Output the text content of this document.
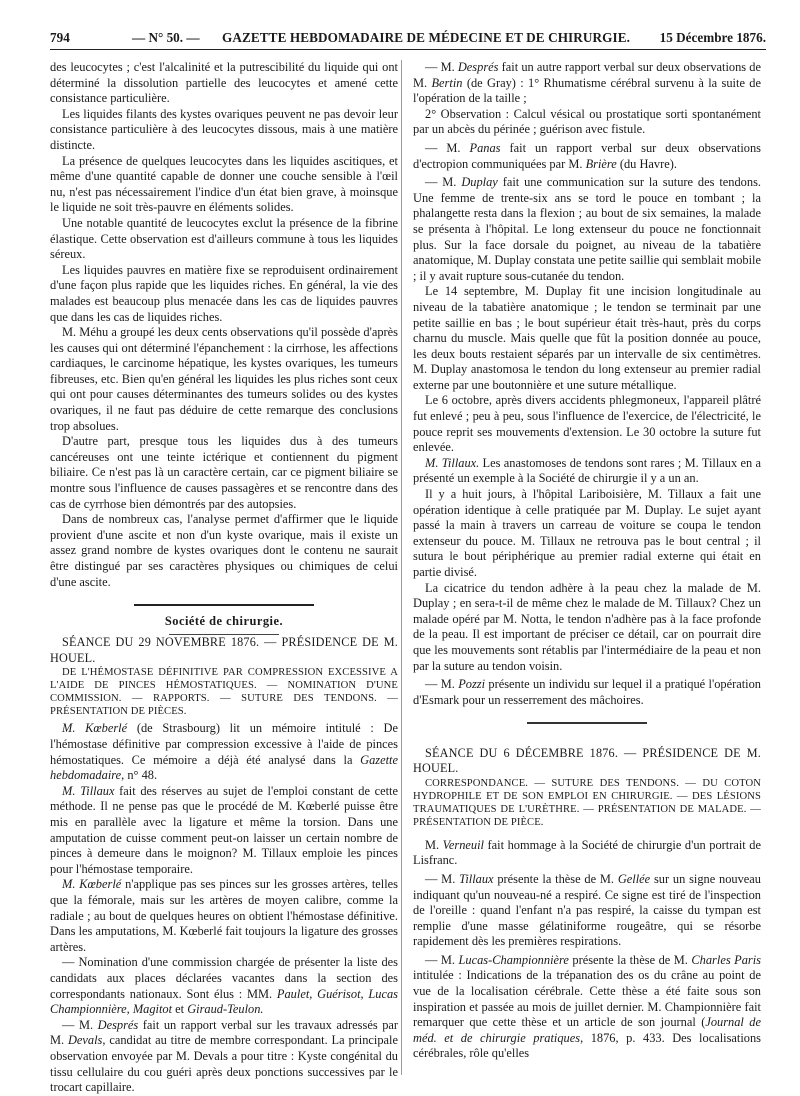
794	— N° 50. — GAZETTE HEBDOMADAIRE DE MÉDECINE ET DE CHIRURGIE. 15 Décembre 1876.

des leucocytes ; c'est l'alcalinité et la putrescibilité du liquide qui ont déterminé la dissolution partielle des leucocytes et amené cette consistance particulière.

Les liquides filants des kystes ovariques peuvent ne pas devoir leur consistance particulière à des leucocytes dissous, mais à une matière distincte.

La présence de quelques leucocytes dans les liquides ascitiques, et même d'une quantité capable de donner une couche sensible à l'œil nu, n'est pas nécessairement l'indice d'un état bien grave, à moinsque le liquide ne soit très-pauvre en éléments solides.

Une notable quantité de leucocytes exclut la présence de la fibrine élastique. Cette observation est d'ailleurs commune à tous les liquides séreux.

Les liquides pauvres en matière fixe se reproduisent ordinairement d'une façon plus rapide que les liquides riches. En général, la vie des malades est beaucoup plus menacée dans les cas de liquides pauvres que dans les cas de liquides riches.

M. Méhu a groupé les deux cents observations qu'il possède d'après les causes qui ont déterminé l'épanchement : la cirrhose, les affections cardiaques, le carcinome hépatique, les kystes ovariques, les tumeurs fibreuses, etc. Bien qu'en général les liquides les plus riches sont ceux qui ont pour causes déterminantes des tumeurs solides ou des kystes ovariques, il ne faut pas déduire de cette remarque des conclusions trop absolues.

D'autre part, presque tous les liquides dus à des tumeurs cancéreuses ont une teinte ictérique et contiennent du pigment biliaire. Ce n'est pas là un caractère certain, car ce pigment biliaire se montre sous l'influence de causes passagères et se rencontre dans des cas de cyrrhose bien démontrés par des autopsies.

Dans de nombreux cas, l'analyse permet d'affirmer que le liquide provient d'une ascite et non d'un kyste ovarique, mais il existe un assez grand nombre de kystes ovariques dont le contenu ne saurait être distingué par ses caractères physiques ou chimiques de celui d'une ascite.

Société de chirurgie.

SÉANCE DU 29 NOVEMBRE 1876. — PRÉSIDENCE DE M. HOUEL.

DE L'HÉMOSTASE DÉFINITIVE PAR COMPRESSION EXCESSIVE A L'AIDE DE PINCES HÉMOSTATIQUES. — NOMINATION D'UNE COMMISSION. — RAPPORTS. — SUTURE DES TENDONS. — PRÉSENTATION DE PIÈCES.

M. Kœberlé (de Strasbourg) lit un mémoire intitulé : De l'hémostase définitive par compression excessive à l'aide de pinces hémostatiques. Ce mémoire a déjà été analysé dans la Gazette hebdomadaire, n° 48.

M. Tillaux fait des réserves au sujet de l'emploi constant de cette méthode. Il ne pense pas que le procédé de M. Kœberlé puisse être mis en parallèle avec la ligature et même la torsion. Dans une amputation de cuisse comment peut-on laisser un certain nombre de pinces à demeure dans le moignon? M. Tillaux emploie les pinces pour l'hémostase temporaire.

M. Kœberlé n'applique pas ses pinces sur les grosses artères, telles que la fémorale, mais sur les artères de moyen calibre, comme la radiale ; au bout de quelques heures on obtient l'hémostase définitive. Dans les amputations, M. Kœberlé fait toujours la ligature des grosses artères.

— Nomination d'une commission chargée de présenter la liste des candidats aux places déclarées vacantes dans la section des correspondants nationaux. Sont élus : MM. Paulet, Guérisot, Lucas Championnière, Magitot et Giraud-Teulon.

— M. Després fait un rapport verbal sur les travaux adressés par M. Devals, candidat au titre de membre correspondant. La principale observation envoyée par M. Devals a pour titre : Kyste congénital du tissu cellulaire du cou guéri après deux ponctions successives par le trocart capillaire.

— M. Després fait un autre rapport verbal sur deux observations de M. Bertin (de Gray) : 1° Rhumatisme cérébral survenu à la suite de l'opération de la taille ;

2° Observation : Calcul vésical ou prostatique sorti spontanément par un abcès du périnée ; guérison avec fistule.

— M. Panas fait un rapport verbal sur deux observations d'ectropion communiquées par M. Brière (du Havre).

— M. Duplay fait une communication sur la suture des tendons. Une femme de trente-six ans se tord le pouce en tombant ; la phalangette resta dans la flexion ; au bout de six semaines, la malade se présenta à l'hôpital. Le long extenseur du pouce ne fonctionnait plus. Sur la face dorsale du poignet, au niveau de la tabatière anatomique, M. Duplay constata une petite saillie qui semblait mobile ; il y avait rupture sous-cutanée du tendon.

Le 14 septembre, M. Duplay fit une incision longitudinale au niveau de la tabatière anatomique ; le tendon se terminait par une petite saillie en bas ; le bout supérieur était très-haut, près du corps charnu du muscle. Mais quelle que fût la position donnée au pouce, les deux bouts restaient séparés par un intervalle de six centimètres. M. Duplay anastomosa le tendon du long extenseur au premier radial externe par une boutonnière et une suture métallique.

Le 6 octobre, après divers accidents phlegmoneux, l'appareil plâtré fut enlevé ; peu à peu, sous l'influence de l'exercice, de l'électricité, le pouce reprit ses mouvements d'extension. Le 30 octobre la suture fut enlevée.

M. Tillaux. Les anastomoses de tendons sont rares ; M. Tillaux en a présenté un exemple à la Société de chirurgie il y a un an.

Il y a huit jours, à l'hôpital Lariboisière, M. Tillaux a fait une opération identique à celle pratiquée par M. Duplay. Le sujet ayant passé la main à travers un carreau de voiture se coupa le tendon extenseur du pouce. M. Tillaux ne retrouva pas le bout central ; il sutura le bout périphérique au premier radial externe qui était en partie divisé.

La cicatrice du tendon adhère à la peau chez la malade de M. Duplay ; en sera-t-il de même chez le malade de M. Tillaux? Chez un malade opéré par M. Notta, le tendon n'adhère pas à la face profonde de la peau. Il est important de préciser ce détail, car on pourrait dire que les mouvements sont rétablis par l'intermédiaire de la peau et non par la suture au tendon voisin.

— M. Pozzi présente un individu sur lequel il a pratiqué l'opération d'Esmark pour un resserrement des mâchoires.

SÉANCE DU 6 DÉCEMBRE 1876. — PRÉSIDENCE DE M. HOUEL.

CORRESPONDANCE. — SUTURE DES TENDONS. — DU COTON HYDROPHILE ET DE SON EMPLOI EN CHIRURGIE. — DES LÉSIONS TRAUMATIQUES DE L'URÈTHRE. — PRÉSENTATION DE MALADE. — PRÉSENTATION DE PIÈCE.

M. Verneuil fait hommage à la Société de chirurgie d'un portrait de Lisfranc.

— M. Tillaux présente la thèse de M. Gellée sur un signe nouveau indiquant qu'un nouveau-né a respiré. Ce signe est tiré de l'inspection de l'oreille : quand l'enfant n'a pas respiré, la caisse du tympan est remplie d'une masse gélatiniforme rougeâtre, qui se résorbe rapidement dès les premières respirations.

— M. Lucas-Championnière présente la thèse de M. Charles Paris intitulée : Indications de la trépanation des os du crâne au point de vue de la localisation cérébrale. Cette thèse a été faite sous son inspiration et passée au mois de juillet dernier. M. Championnière fait remarquer que cette thèse et un article de son journal (Journal de méd. et de chirurgie pratiques, 1876, p. 433. Des localisations cérébrales, rôle qu'elles
